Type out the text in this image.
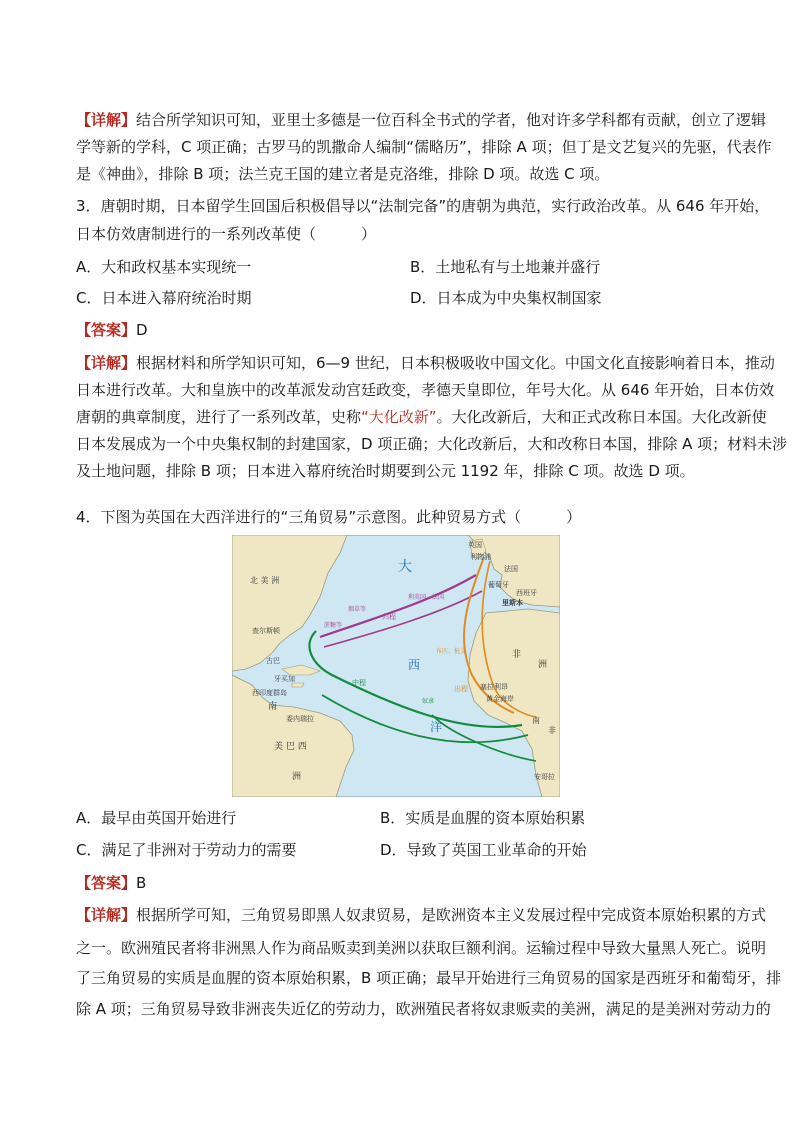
【详解】结合所学知识可知，亚里士多德是一位百科全书式的学者，他对许多学科都有贡献，创立了逻辑
学等新的学科，C 项正确；古罗马的凯撒命人编制“儒略历”，排除 A 项；但丁是文艺复兴的先驱，代表作
是《神曲》，排除 B 项；法兰克王国的建立者是克洛维，排除 D 项。故选 C 项。
3．唐朝时期，日本留学生回国后积极倡导以“法制完备”的唐朝为典范，实行政治改革。从 646 年开始，
日本仿效唐制进行的一系列改革使（　　　）
A．大和政权基本实现统一	B．土地私有与土地兼并盛行
C．日本进入幕府统治时期	D．日本成为中央集权制国家
【答案】D
【详解】根据材料和所学知识可知，6—9 世纪，日本积极吸收中国文化。中国文化直接影响着日本，推动
日本进行改革。大和皇族中的改革派发动宫廷政变，孝德天皇即位，年号大化。从 646 年开始，日本仿效
唐朝的典章制度，进行了一系列改革，史称“大化改新”。大化改新后，大和正式改称日本国。大化改新使
日本发展成为一个中央集权制的封建国家，D 项正确；大化改新后，大和改称日本国，排除 A 项；材料未涉
及土地问题，排除 B 项；日本进入幕府统治时期要到公元 1192 年，排除 C 项。故选 D 项。
4．下图为英国在大西洋进行的“三角贸易”示意图。此种贸易方式（　　　）
大
西
洋
北 美 洲
英国
利物浦
法国
葡萄牙
西班牙
里斯本
非
洲
查尔斯顿
古巴
牙买加
西印度群岛
委内瑞拉
南
美 巴 西
洲
塞拉利昂
黄金海岸
安哥拉
南
非
归程
中程
出程
烟草等
蔗糖等
利英国、法国
布匹、枪支
奴隶
A．最早由英国开始进行	B．实质是血腥的资本原始积累
C．满足了非洲对于劳动力的需要	D．导致了英国工业革命的开始
【答案】B
【详解】根据所学可知，三角贸易即黑人奴隶贸易，是欧洲资本主义发展过程中完成资本原始积累的方式
之一。欧洲殖民者将非洲黑人作为商品贩卖到美洲以获取巨额利润。运输过程中导致大量黑人死亡。说明
了三角贸易的实质是血腥的资本原始积累，B 项正确；最早开始进行三角贸易的国家是西班牙和葡萄牙，排
除 A 项；三角贸易导致非洲丧失近亿的劳动力，欧洲殖民者将奴隶贩卖的美洲，满足的是美洲对劳动力的
